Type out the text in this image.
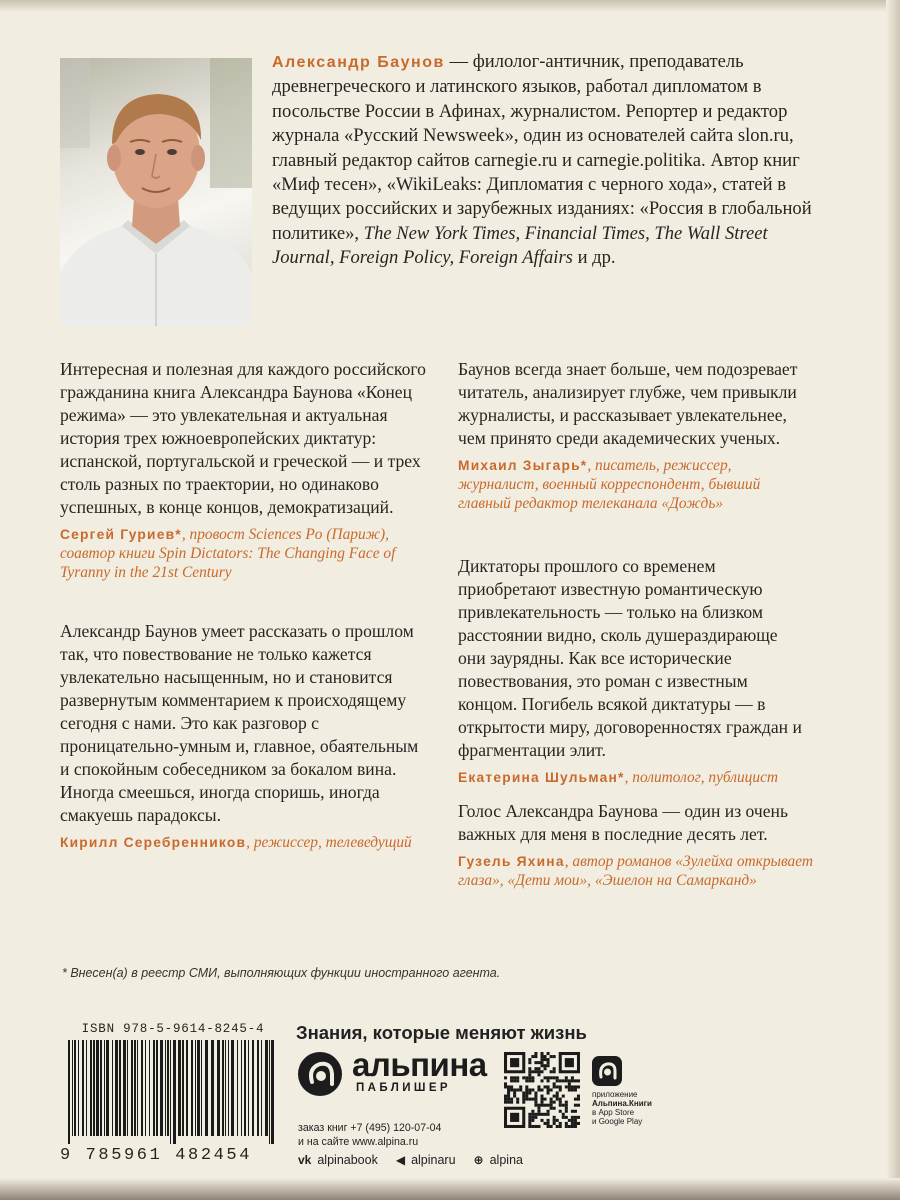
Александр Баунов — филолог-античник, преподаватель древнегреческого и латинского языков, работал дипломатом в посольстве России в Афинах, журналистом. Репортер и редактор журнала «Русский Newsweek», один из основателей сайта slon.ru, главный редактор сайтов carnegie.ru и carnegie.politika. Автор книг «Миф тесен», «WikiLeaks: Дипломатия с черного хода», статей в ведущих российских и зарубежных изданиях: «Россия в глобальной политике», The New York Times, Financial Times, The Wall Street Journal, Foreign Policy, Foreign Affairs и др.

Интересная и полезная для каждого российского гражданина книга Александра Баунова «Конец режима» — это увлекательная и актуальная история трех южноевропейских диктатур: испанской, португальской и греческой — и трех столь разных по траектории, но одинаково успешных, в конце концов, демократизаций.

Сергей Гуриев*, провост Sciences Po (Париж), соавтор книги Spin Dictators: The Changing Face of Tyranny in the 21st Century

Александр Баунов умеет рассказать о прошлом так, что повествование не только кажется увлекательно насыщенным, но и становится развернутым комментарием к происходящему сегодня с нами. Это как разговор с проницательно-умным и, главное, обаятельным и спокойным собеседником за бокалом вина. Иногда смеешься, иногда споришь, иногда смакуешь парадоксы.

Кирилл Серебренников, режиссер, телеведущий

Баунов всегда знает больше, чем подозревает читатель, анализирует глубже, чем привыкли журналисты, и рассказывает увлекательнее, чем принято среди академических ученых.

Михаил Зыгарь*, писатель, режиссер, журналист, военный корреспондент, бывший главный редактор телеканала «Дождь»

Диктаторы прошлого со временем приобретают известную романтическую привлекательность — только на близком расстоянии видно, сколь душераздирающе они заурядны. Как все исторические повествования, это роман с известным концом. Погибель всякой диктатуры — в открытости миру, договоренностях граждан и фрагментации элит.

Екатерина Шульман*, политолог, публицист

Голос Александра Баунова — один из очень важных для меня в последние десять лет.

Гузель Яхина, автор романов «Зулейха открывает глаза», «Дети мои», «Эшелон на Самарканд»
* Внесен(а) в реестр СМИ, выполняющих функции иностранного агента.
ISBN 978-5-9614-8245-4
9 785961 482454
Знания, которые меняют жизнь
альпина
ПАБЛИШЕР
заказ книг +7 (495) 120-07-04
и на сайте www.alpina.ru
приложение
Альпина.Книги
в App Store
и Google Play
vk alpinabook ◀ alpinaru ⊕ alpina
